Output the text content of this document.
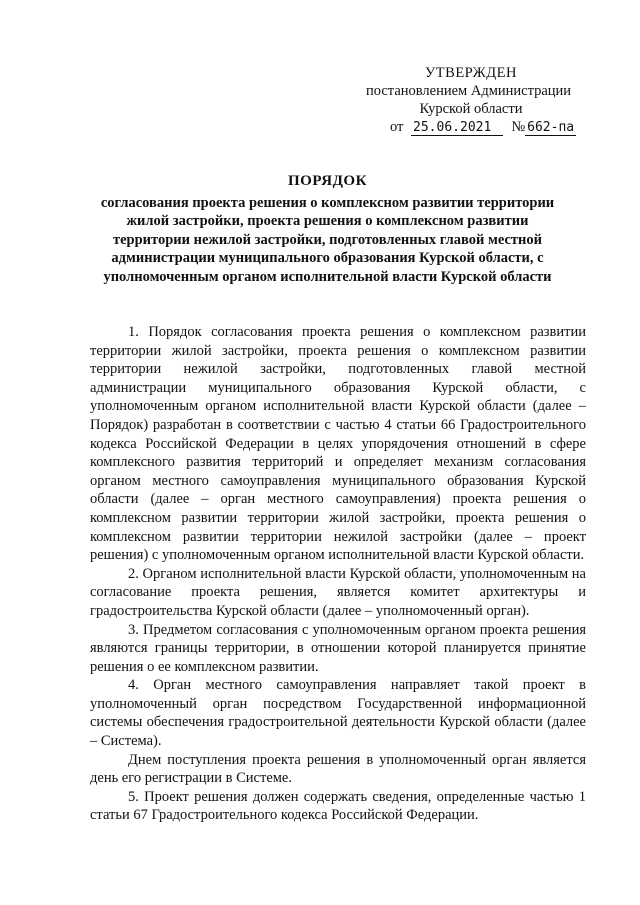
УТВЕРЖДЕН
постановлением Администрации
Курской области
от 25.06.2021 № 662-па
ПОРЯДОК
согласования проекта решения о комплексном развитии территории жилой застройки, проекта решения о комплексном развитии территории нежилой застройки, подготовленных главой местной администрации муниципального образования Курской области, с уполномоченным органом исполнительной власти Курской области

1. Порядок согласования проекта решения о комплексном развитии территории жилой застройки, проекта решения о комплексном развитии территории нежилой застройки, подготовленных главой местной администрации муниципального образования Курской области, с уполномоченным органом исполнительной власти Курской области (далее – Порядок) разработан в соответствии с частью 4 статьи 66 Градостроительного кодекса Российской Федерации в целях упорядочения отношений в сфере комплексного развития территорий и определяет механизм согласования органом местного самоуправления муниципального образования Курской области (далее – орган местного самоуправления) проекта решения о комплексном развитии территории жилой застройки, проекта решения о комплексном развитии территории нежилой застройки (далее – проект решения) с уполномоченным органом исполнительной власти Курской области.

2. Органом исполнительной власти Курской области, уполномоченным на согласование проекта решения, является комитет архитектуры и градостроительства Курской области (далее – уполномоченный орган).

3. Предметом согласования с уполномоченным органом проекта решения являются границы территории, в отношении которой планируется принятие решения о ее комплексном развитии.

4. Орган местного самоуправления направляет такой проект в уполномоченный орган посредством Государственной информационной системы обеспечения градостроительной деятельности Курской области (далее – Система).

Днем поступления проекта решения в уполномоченный орган является день его регистрации в Системе.

5. Проект решения должен содержать сведения, определенные частью 1 статьи 67 Градостроительного кодекса Российской Федерации.
